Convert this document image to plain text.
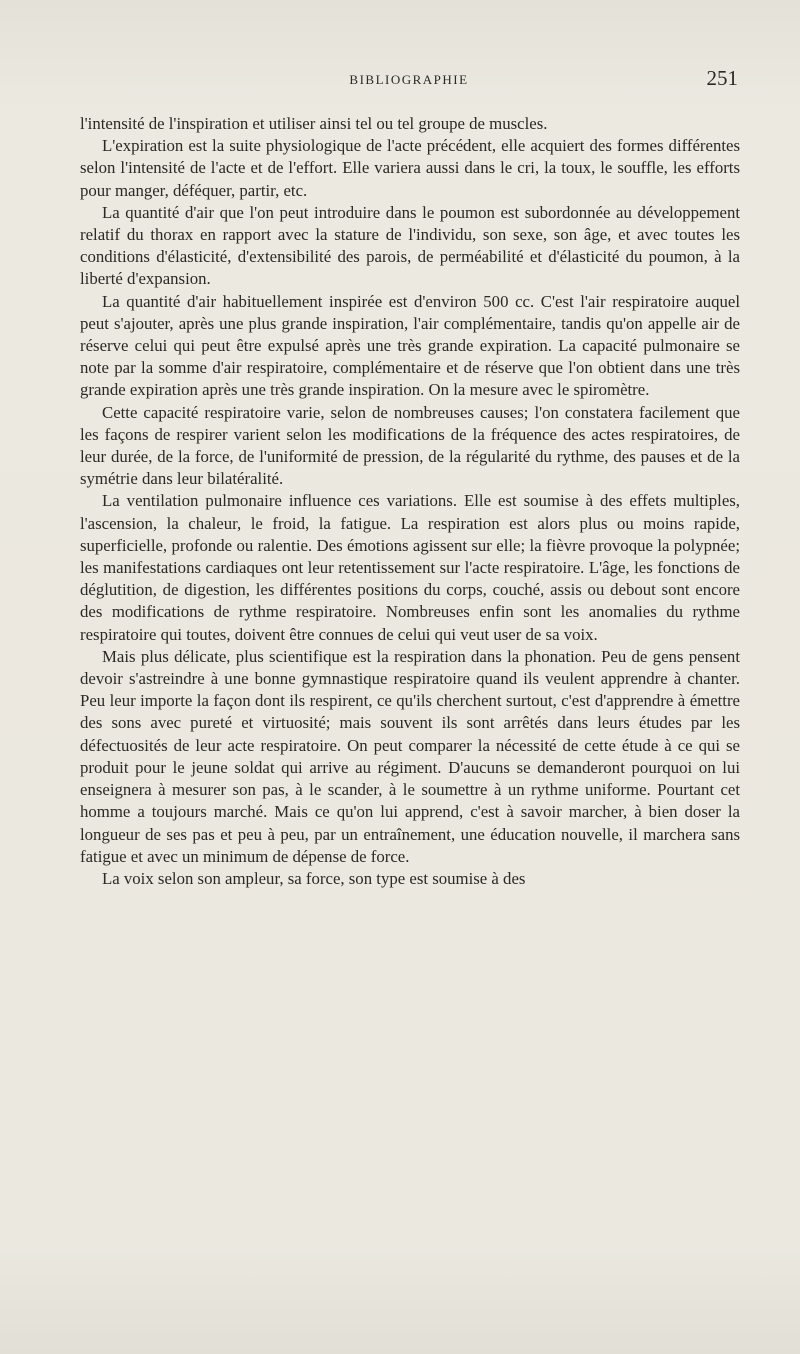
BIBLIOGRAPHIE	251

l'intensité de l'inspiration et utiliser ainsi tel ou tel groupe de muscles.

L'expiration est la suite physiologique de l'acte précédent, elle acquiert des formes différentes selon l'intensité de l'acte et de l'effort. Elle variera aussi dans le cri, la toux, le souffle, les efforts pour manger, déféquer, partir, etc.

La quantité d'air que l'on peut introduire dans le poumon est subordonnée au développement relatif du thorax en rapport avec la stature de l'individu, son sexe, son âge, et avec toutes les conditions d'élasticité, d'extensibilité des parois, de perméabilité et d'élasticité du poumon, à la liberté d'expansion.

La quantité d'air habituellement inspirée est d'environ 500 cc. C'est l'air respiratoire auquel peut s'ajouter, après une plus grande inspiration, l'air complémentaire, tandis qu'on appelle air de réserve celui qui peut être expulsé après une très grande expiration. La capacité pulmonaire se note par la somme d'air respiratoire, complémentaire et de réserve que l'on obtient dans une très grande expiration après une très grande inspiration. On la mesure avec le spiromètre.

Cette capacité respiratoire varie, selon de nombreuses causes; l'on constatera facilement que les façons de respirer varient selon les modifications de la fréquence des actes respiratoires, de leur durée, de la force, de l'uniformité de pression, de la régularité du rythme, des pauses et de la symétrie dans leur bilatéralité.

La ventilation pulmonaire influence ces variations. Elle est soumise à des effets multiples, l'ascension, la chaleur, le froid, la fatigue. La respiration est alors plus ou moins rapide, superficielle, profonde ou ralentie. Des émotions agissent sur elle; la fièvre provoque la polypnée; les manifestations cardiaques ont leur retentissement sur l'acte respiratoire. L'âge, les fonctions de déglutition, de digestion, les différentes positions du corps, couché, assis ou debout sont encore des modifications de rythme respiratoire. Nombreuses enfin sont les anomalies du rythme respiratoire qui toutes, doivent être connues de celui qui veut user de sa voix.

Mais plus délicate, plus scientifique est la respiration dans la phonation. Peu de gens pensent devoir s'astreindre à une bonne gymnastique respiratoire quand ils veulent apprendre à chanter. Peu leur importe la façon dont ils respirent, ce qu'ils cherchent surtout, c'est d'apprendre à émettre des sons avec pureté et virtuosité; mais souvent ils sont arrêtés dans leurs études par les défectuosités de leur acte respiratoire. On peut comparer la nécessité de cette étude à ce qui se produit pour le jeune soldat qui arrive au régiment. D'aucuns se demanderont pourquoi on lui enseignera à mesurer son pas, à le scander, à le soumettre à un rythme uniforme. Pourtant cet homme a toujours marché. Mais ce qu'on lui apprend, c'est à savoir marcher, à bien doser la longueur de ses pas et peu à peu, par un entraînement, une éducation nouvelle, il marchera sans fatigue et avec un minimum de dépense de force.

La voix selon son ampleur, sa force, son type est soumise à des
